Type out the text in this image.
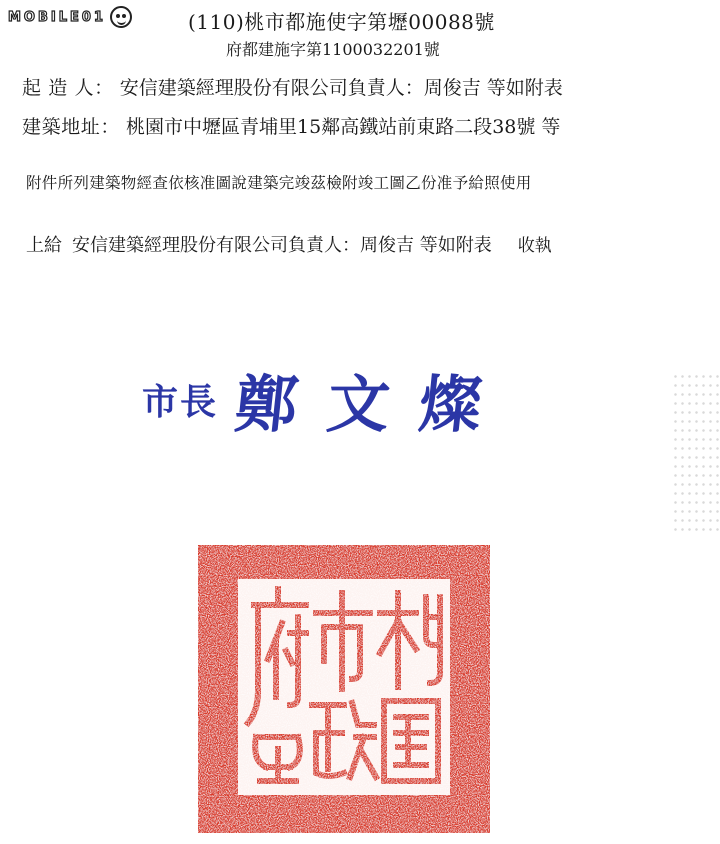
MOBILE01	(110)桃市都施使字第壢00088號
府都建施字第1100032201號
起 造 人： 安信建築經理股份有限公司負責人：周俊吉 等如附表
建築地址： 桃園市中壢區青埔里15鄰高鐵站前東路二段38號 等
附件所列建築物經查依核准圖說建築完竣茲檢附竣工圖乙份准予給照使用
上給 安信建築經理股份有限公司負責人：周俊吉 等如附表 收執
市長 鄭文燦
